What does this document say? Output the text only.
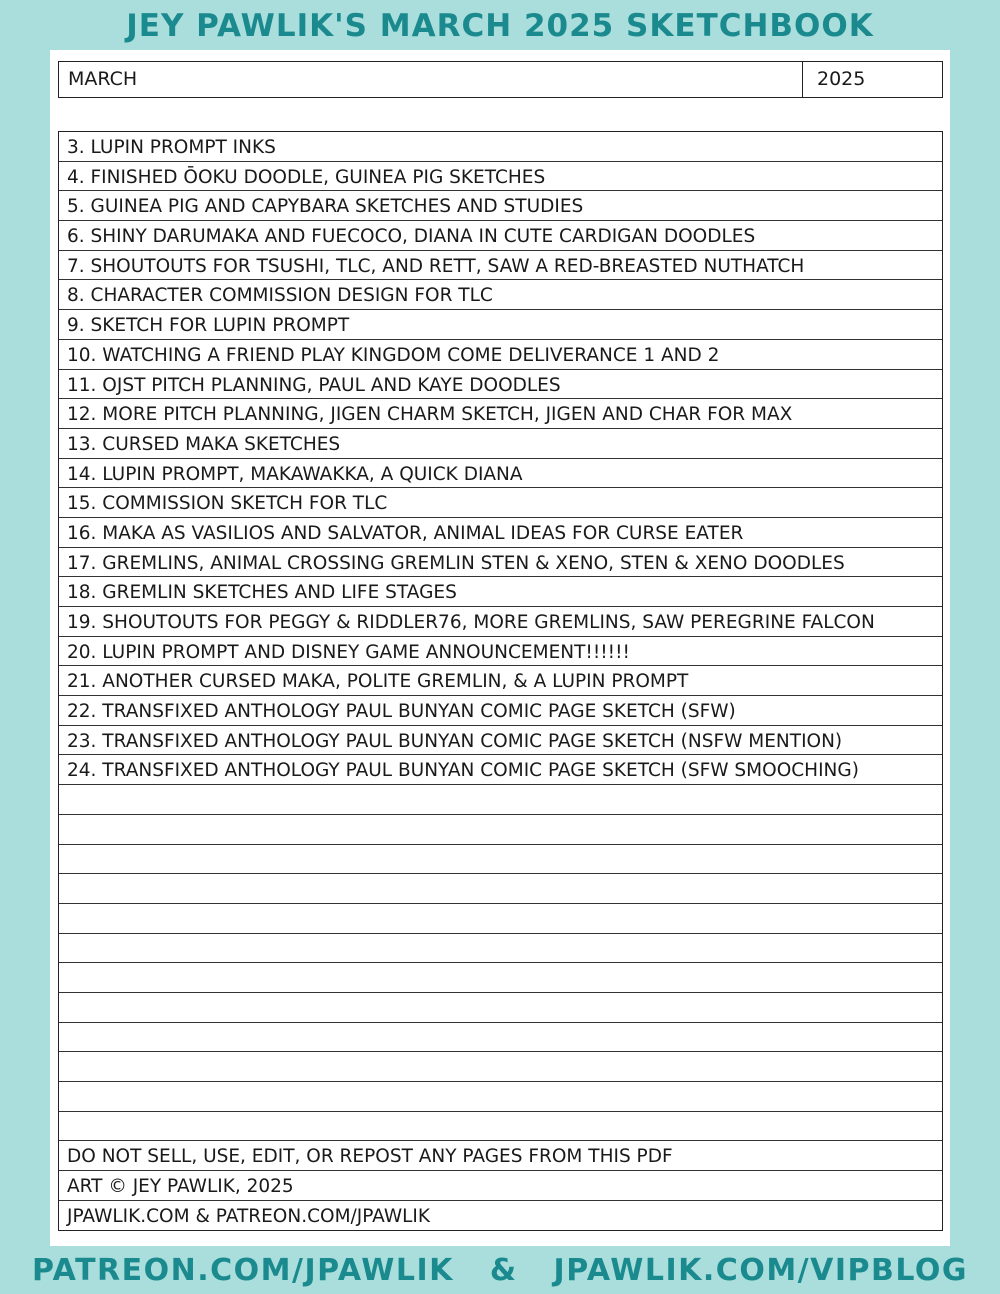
JEY PAWLIK'S MARCH 2025 SKETCHBOOK
MARCH	2025
3. LUPIN PROMPT INKS
4. FINISHED ŌOKU DOODLE, GUINEA PIG SKETCHES
5. GUINEA PIG AND CAPYBARA SKETCHES AND STUDIES
6. SHINY DARUMAKA AND FUECOCO, DIANA IN CUTE CARDIGAN DOODLES
7. SHOUTOUTS FOR TSUSHI, TLC, AND RETT, SAW A RED-BREASTED NUTHATCH
8. CHARACTER COMMISSION DESIGN FOR TLC
9. SKETCH FOR LUPIN PROMPT
10. WATCHING A FRIEND PLAY KINGDOM COME DELIVERANCE 1 AND 2
11. OJST PITCH PLANNING, PAUL AND KAYE DOODLES
12. MORE PITCH PLANNING, JIGEN CHARM SKETCH, JIGEN AND CHAR FOR MAX
13. CURSED MAKA SKETCHES
14. LUPIN PROMPT, MAKAWAKKA, A QUICK DIANA
15. COMMISSION SKETCH FOR TLC
16. MAKA AS VASILIOS AND SALVATOR, ANIMAL IDEAS FOR CURSE EATER
17. GREMLINS, ANIMAL CROSSING GREMLIN STEN & XENO, STEN & XENO DOODLES
18. GREMLIN SKETCHES AND LIFE STAGES
19. SHOUTOUTS FOR PEGGY & RIDDLER76, MORE GREMLINS, SAW PEREGRINE FALCON
20. LUPIN PROMPT AND DISNEY GAME ANNOUNCEMENT!!!!!!
21. ANOTHER CURSED MAKA, POLITE GREMLIN, & A LUPIN PROMPT
22. TRANSFIXED ANTHOLOGY PAUL BUNYAN COMIC PAGE SKETCH (SFW)
23. TRANSFIXED ANTHOLOGY PAUL BUNYAN COMIC PAGE SKETCH (NSFW MENTION)
24. TRANSFIXED ANTHOLOGY PAUL BUNYAN COMIC PAGE SKETCH (SFW SMOOCHING)
DO NOT SELL, USE, EDIT, OR REPOST ANY PAGES FROM THIS PDF
ART © JEY PAWLIK, 2025
JPAWLIK.COM & PATREON.COM/JPAWLIK
PATREON.COM/JPAWLIK & JPAWLIK.COM/VIPBLOG
